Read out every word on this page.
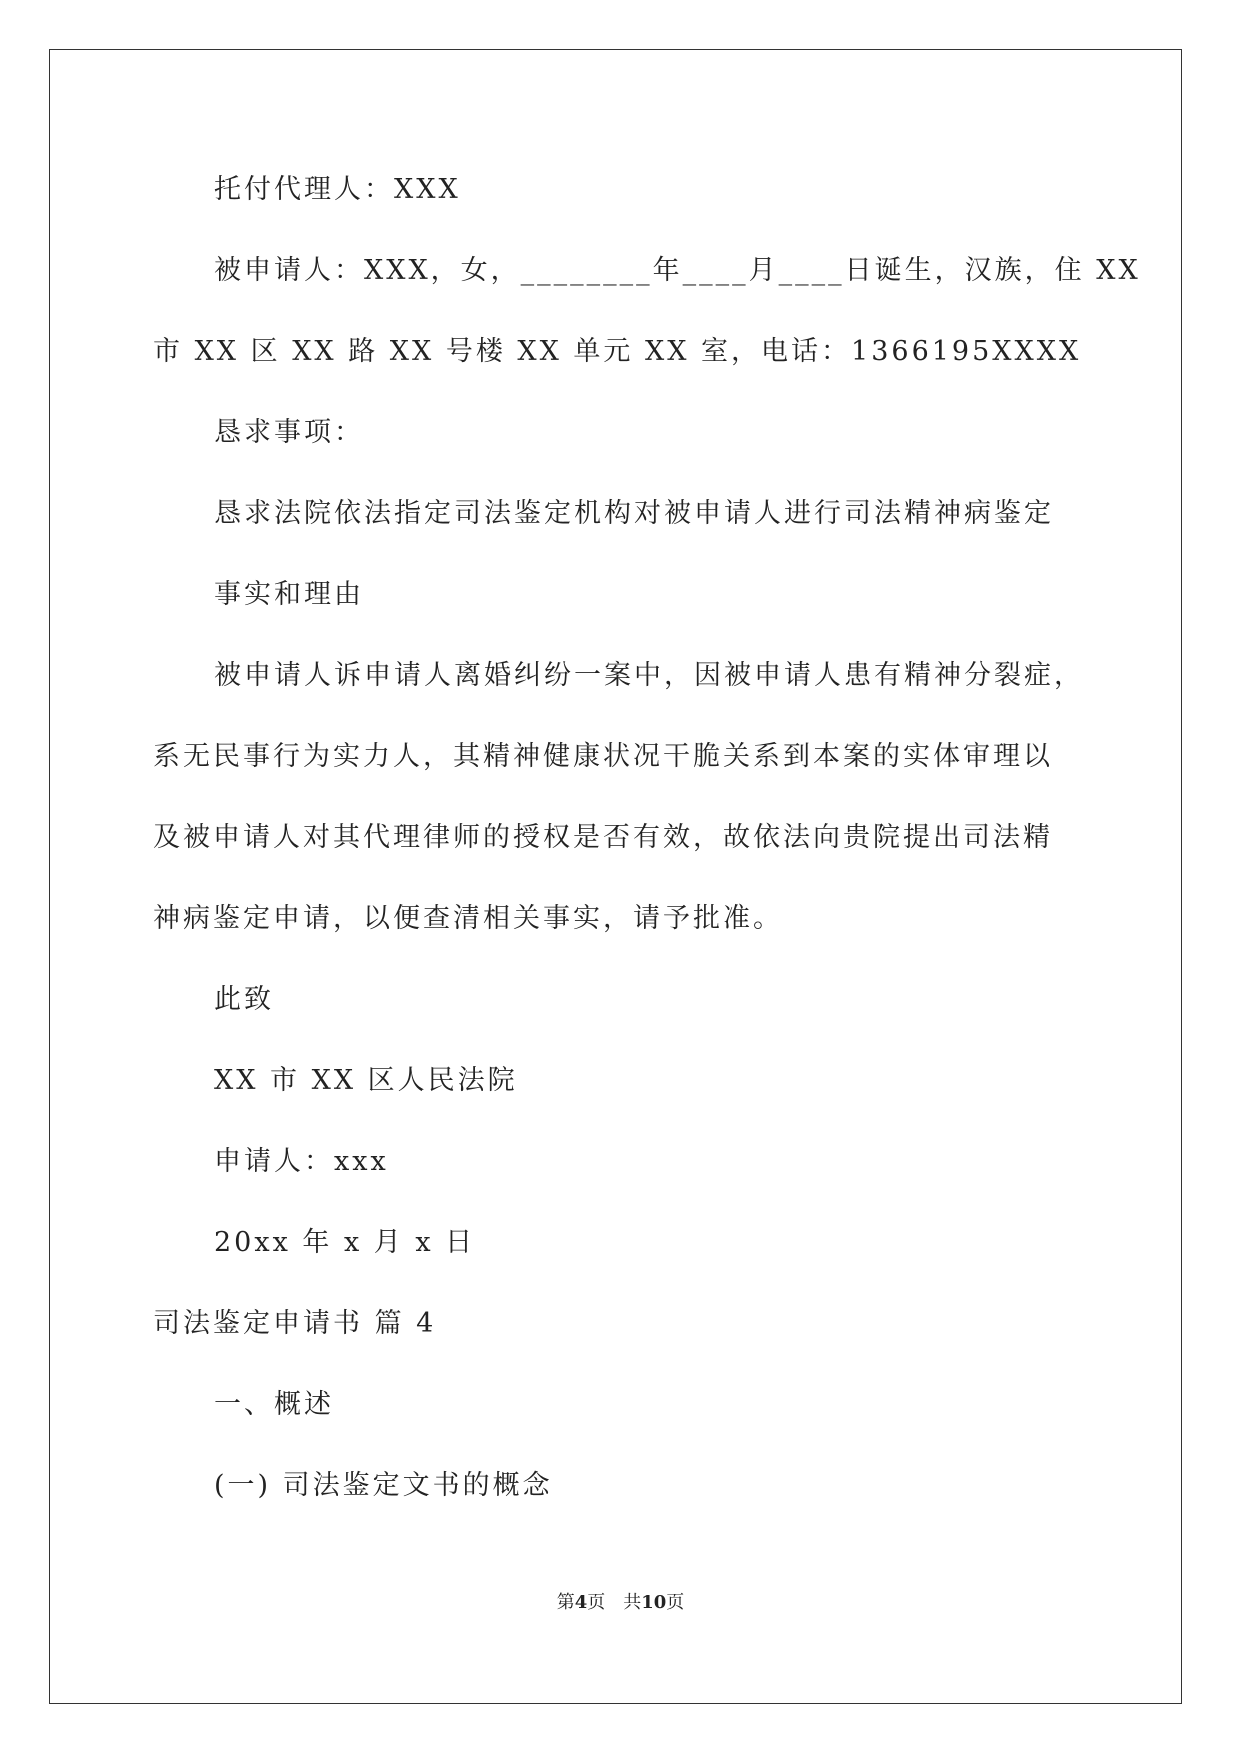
托付代理人：XXX
被申请人：XXX，女，________年____月____日诞生，汉族，住 XX
市 XX 区 XX 路 XX 号楼 XX 单元 XX 室，电话：1366195XXXX
恳求事项：
恳求法院依法指定司法鉴定机构对被申请人进行司法精神病鉴定
事实和理由
被申请人诉申请人离婚纠纷一案中，因被申请人患有精神分裂症，
系无民事行为实力人，其精神健康状况干脆关系到本案的实体审理以
及被申请人对其代理律师的授权是否有效，故依法向贵院提出司法精
神病鉴定申请，以便查清相关事实，请予批准。
此致
XX 市 XX 区人民法院
申请人：xxx
20xx 年 x 月 x 日
司法鉴定申请书 篇 4
一、概述
(一) 司法鉴定文书的概念
第4页　共10页
